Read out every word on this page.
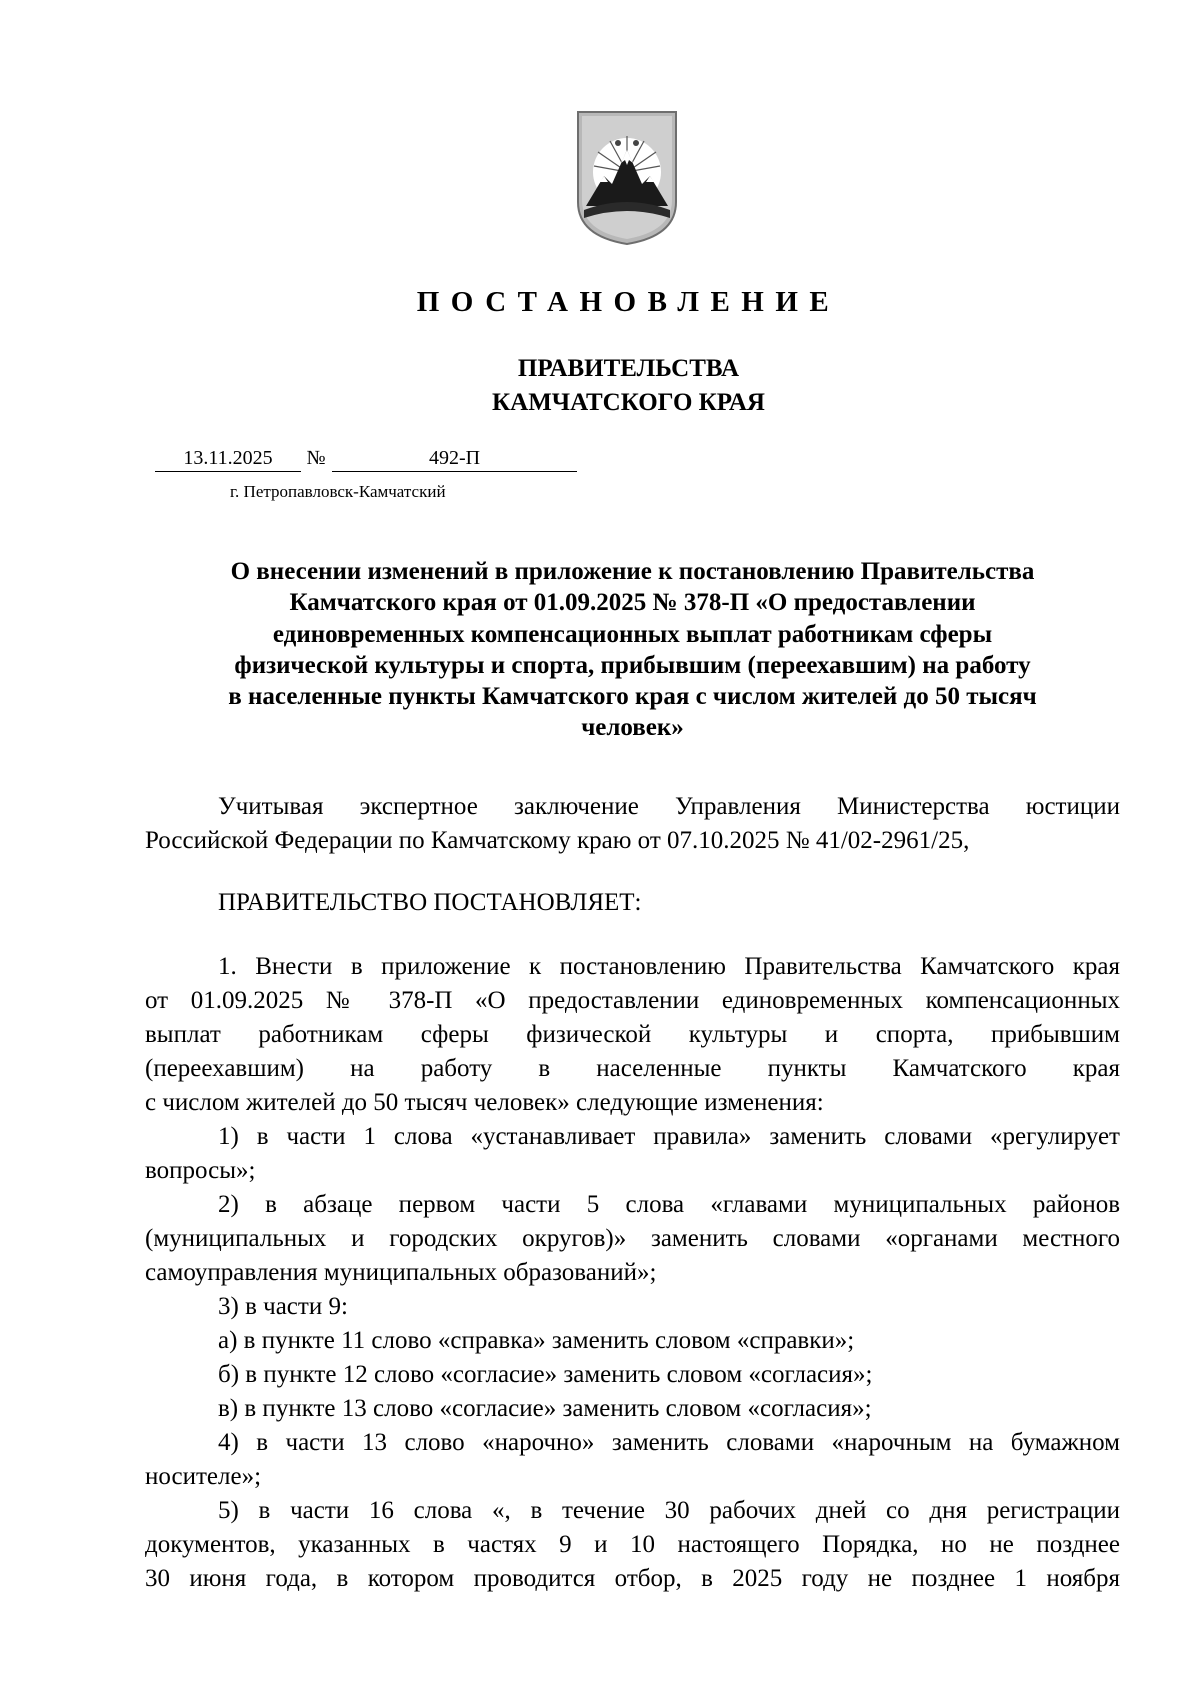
ПОСТАНОВЛЕНИЕ
ПРАВИТЕЛЬСТВА
КАМЧАТСКОГО КРАЯ
13.11.2025	№	492-П
г. Петропавловск-Камчатский
О внесении изменений в приложение к постановлению Правительства
Камчатского края от 01.09.2025 № 378-П «О предоставлении
единовременных компенсационных выплат работникам сферы
физической культуры и спорта, прибывшим (переехавшим) на работу
в населенные пункты Камчатского края с числом жителей до 50 тысяч
человек»
Учитывая экспертное заключение Управления Министерства юстиции
Российской Федерации по Камчатскому краю от 07.10.2025 № 41/02-2961/25,
ПРАВИТЕЛЬСТВО ПОСТАНОВЛЯЕТ:
1. Внести в приложение к постановлению Правительства Камчатского края
от 01.09.2025 № 378-П «О предоставлении единовременных компенсационных
выплат работникам сферы физической культуры и спорта, прибывшим
(переехавшим) на работу в населенные пункты Камчатского края
с числом жителей до 50 тысяч человек» следующие изменения:
1) в части 1 слова «устанавливает правила» заменить словами «регулирует
вопросы»;
2) в абзаце первом части 5 слова «главами муниципальных районов
(муниципальных и городских округов)» заменить словами «органами местного
самоуправления муниципальных образований»;
3) в части 9:
а) в пункте 11 слово «справка» заменить словом «справки»;
б) в пункте 12 слово «согласие» заменить словом «согласия»;
в) в пункте 13 слово «согласие» заменить словом «согласия»;
4) в части 13 слово «нарочно» заменить словами «нарочным на бумажном
носителе»;
5) в части 16 слова «, в течение 30 рабочих дней со дня регистрации
документов, указанных в частях 9 и 10 настоящего Порядка, но не позднее
30 июня года, в котором проводится отбор, в 2025 году не позднее 1 ноября
